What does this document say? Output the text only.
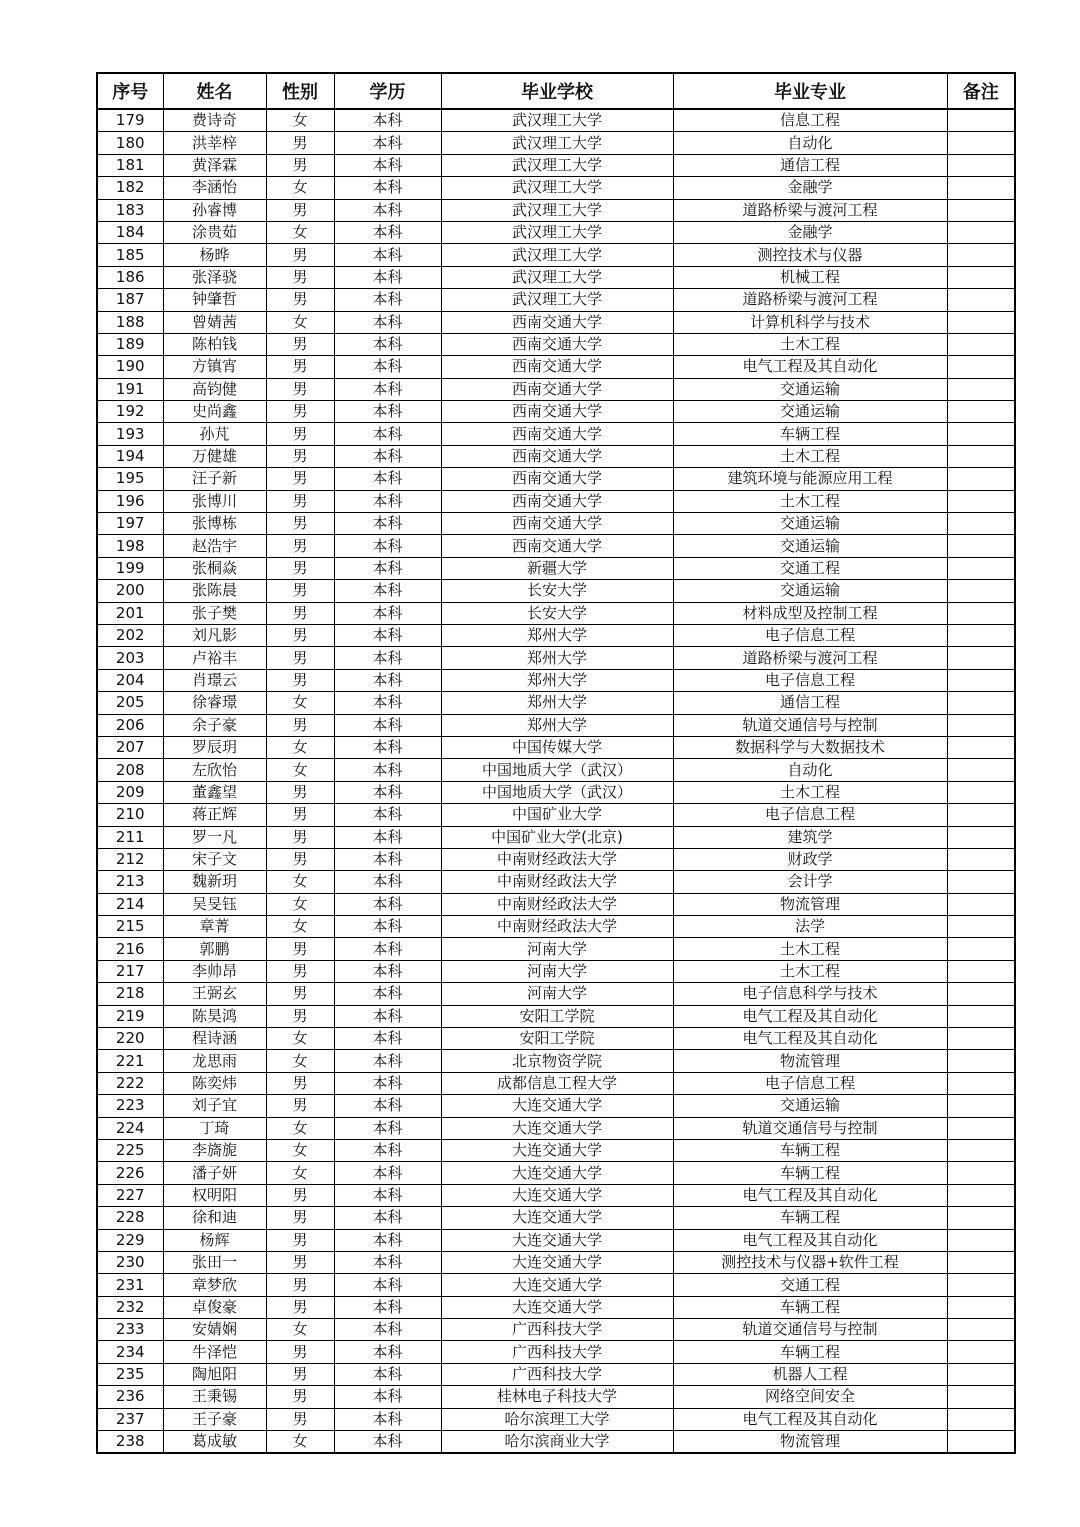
序号	姓名	性别	学历	毕业学校	毕业专业	备注
179	费诗奇	女	本科	武汉理工大学	信息工程	
180	洪莘梓	男	本科	武汉理工大学	自动化	
181	黄泽霖	男	本科	武汉理工大学	通信工程	
182	李涵怡	女	本科	武汉理工大学	金融学	
183	孙睿博	男	本科	武汉理工大学	道路桥梁与渡河工程	
184	涂贵茹	女	本科	武汉理工大学	金融学	
185	杨晔	男	本科	武汉理工大学	测控技术与仪器	
186	张泽骁	男	本科	武汉理工大学	机械工程	
187	钟肇哲	男	本科	武汉理工大学	道路桥梁与渡河工程	
188	曾婧茜	女	本科	西南交通大学	计算机科学与技术	
189	陈柏钱	男	本科	西南交通大学	土木工程	
190	方镇宵	男	本科	西南交通大学	电气工程及其自动化	
191	高钧健	男	本科	西南交通大学	交通运输	
192	史尚鑫	男	本科	西南交通大学	交通运输	
193	孙芃	男	本科	西南交通大学	车辆工程	
194	万健雄	男	本科	西南交通大学	土木工程	
195	汪子新	男	本科	西南交通大学	建筑环境与能源应用工程	
196	张博川	男	本科	西南交通大学	土木工程	
197	张博栋	男	本科	西南交通大学	交通运输	
198	赵浩宇	男	本科	西南交通大学	交通运输	
199	张桐焱	男	本科	新疆大学	交通工程	
200	张陈晨	男	本科	长安大学	交通运输	
201	张子樊	男	本科	长安大学	材料成型及控制工程	
202	刘凡影	男	本科	郑州大学	电子信息工程	
203	卢裕丰	男	本科	郑州大学	道路桥梁与渡河工程	
204	肖璟云	男	本科	郑州大学	电子信息工程	
205	徐睿璟	女	本科	郑州大学	通信工程	
206	余子豪	男	本科	郑州大学	轨道交通信号与控制	
207	罗辰玥	女	本科	中国传媒大学	数据科学与大数据技术	
208	左欣怡	女	本科	中国地质大学（武汉）	自动化	
209	董鑫望	男	本科	中国地质大学（武汉）	土木工程	
210	蒋正辉	男	本科	中国矿业大学	电子信息工程	
211	罗一凡	男	本科	中国矿业大学(北京)	建筑学	
212	宋子文	男	本科	中南财经政法大学	财政学	
213	魏新玥	女	本科	中南财经政法大学	会计学	
214	吴旻钰	女	本科	中南财经政法大学	物流管理	
215	章菁	女	本科	中南财经政法大学	法学	
216	郭鹏	男	本科	河南大学	土木工程	
217	李帅昂	男	本科	河南大学	土木工程	
218	王弼玄	男	本科	河南大学	电子信息科学与技术	
219	陈昊鸿	男	本科	安阳工学院	电气工程及其自动化	
220	程诗涵	女	本科	安阳工学院	电气工程及其自动化	
221	龙思雨	女	本科	北京物资学院	物流管理	
222	陈奕炜	男	本科	成都信息工程大学	电子信息工程	
223	刘子宜	男	本科	大连交通大学	交通运输	
224	丁琦	女	本科	大连交通大学	轨道交通信号与控制	
225	李旖旎	女	本科	大连交通大学	车辆工程	
226	潘子妍	女	本科	大连交通大学	车辆工程	
227	权明阳	男	本科	大连交通大学	电气工程及其自动化	
228	徐和迪	男	本科	大连交通大学	车辆工程	
229	杨辉	男	本科	大连交通大学	电气工程及其自动化	
230	张田一	男	本科	大连交通大学	测控技术与仪器+软件工程	
231	章梦欣	男	本科	大连交通大学	交通工程	
232	卓俊豪	男	本科	大连交通大学	车辆工程	
233	安婧娴	女	本科	广西科技大学	轨道交通信号与控制	
234	牛泽恺	男	本科	广西科技大学	车辆工程	
235	陶旭阳	男	本科	广西科技大学	机器人工程	
236	王秉锡	男	本科	桂林电子科技大学	网络空间安全	
237	王子豪	男	本科	哈尔滨理工大学	电气工程及其自动化	
238	葛成敏	女	本科	哈尔滨商业大学	物流管理	
